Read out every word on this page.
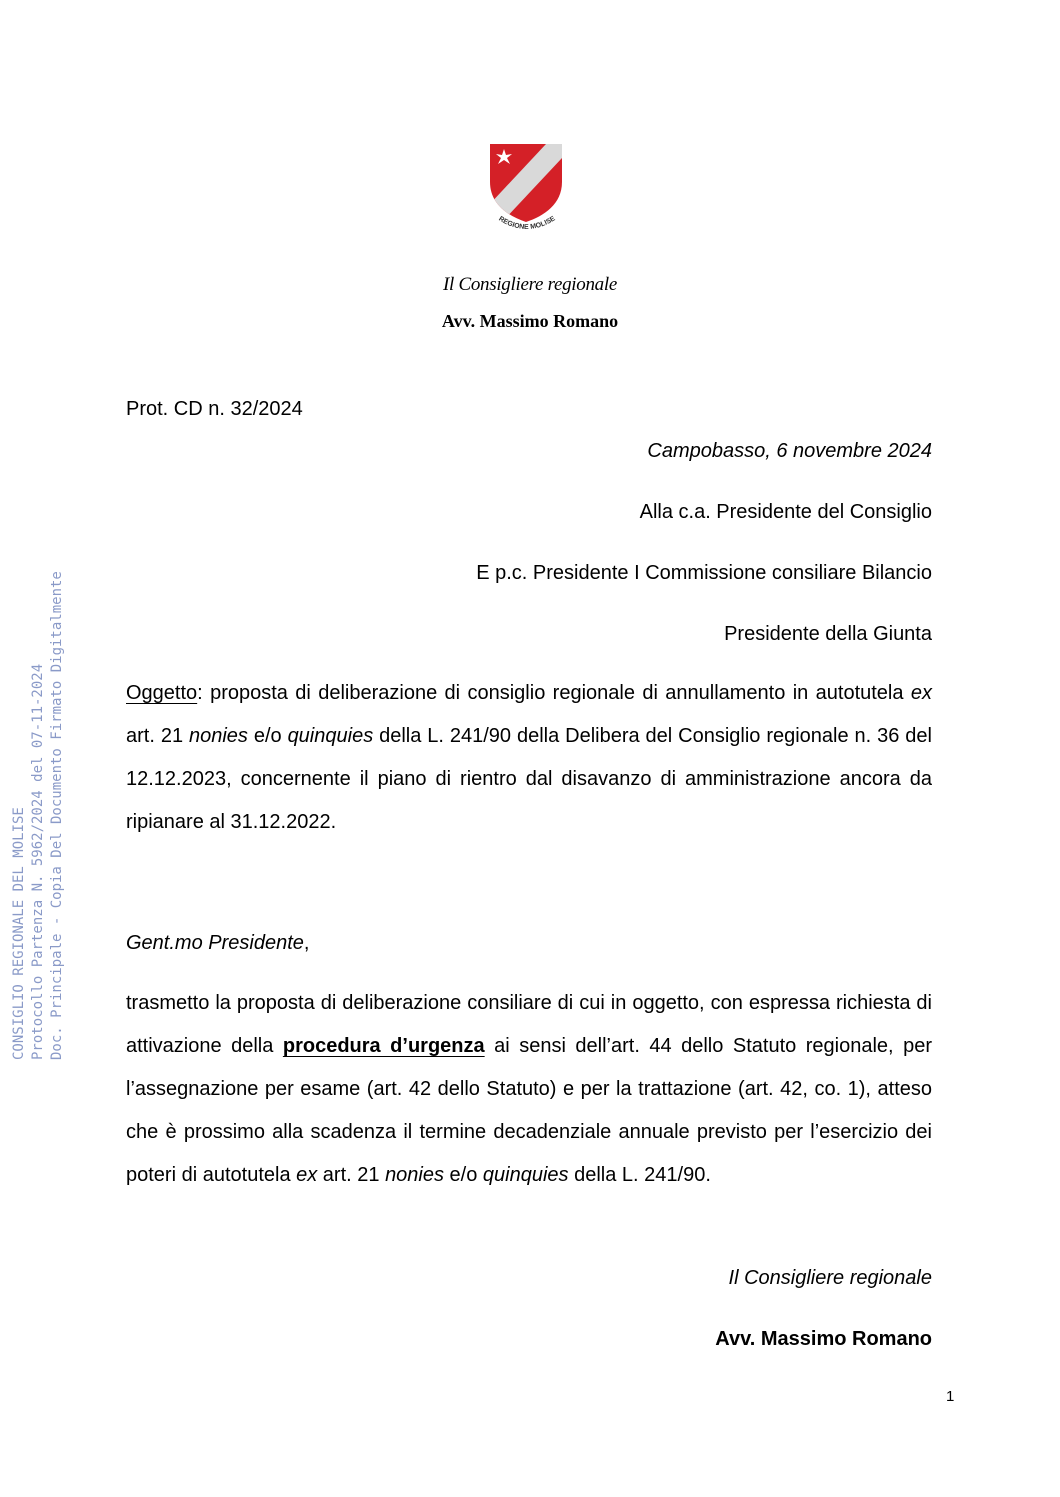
REGIONE MOLISE
Il Consigliere regionale
Avv. Massimo Romano
Prot. CD n. 32/2024
Campobasso, 6 novembre 2024
Alla c.a. Presidente del Consiglio
E p.c. Presidente I Commissione consiliare Bilancio
Presidente della Giunta
Oggetto: proposta di deliberazione di consiglio regionale di annullamento in autotutela ex art. 21 nonies e/o quinquies della L. 241/90 della Delibera del Consiglio regionale n. 36 del 12.12.2023, concernente il piano di rientro dal disavanzo di amministrazione ancora da ripianare al 31.12.2022.
Gent.mo Presidente,
trasmetto la proposta di deliberazione consiliare di cui in oggetto, con espressa richiesta di attivazione della procedura d’urgenza ai sensi dell’art. 44 dello Statuto regionale, per l’assegnazione per esame (art. 42 dello Statuto) e per la trattazione (art. 42, co. 1), atteso che è prossimo alla scadenza il termine decadenziale annuale previsto per l’esercizio dei poteri di autotutela ex art. 21 nonies e/o quinquies della L. 241/90.
Il Consigliere regionale
Avv. Massimo Romano
CONSIGLIO REGIONALE DEL MOLISE Protocollo Partenza N. 5962/2024 del 07-11-2024 Doc. Principale - Copia Del Documento Firmato Digitalmente
1
